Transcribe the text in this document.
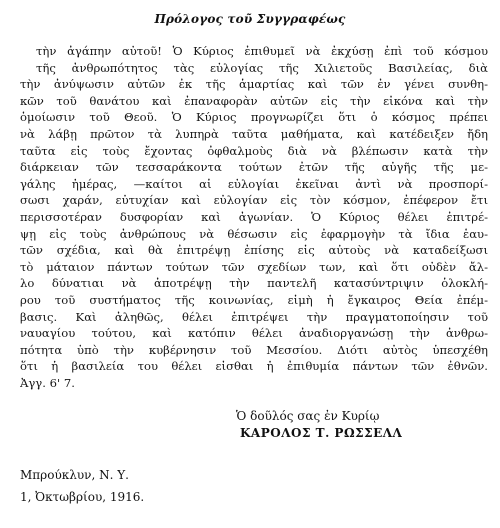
Πρόλογος τοῦ Συγγραφέως
τὴν ἀγάπην αὐτοῦ! Ὁ Κύριος ἐπιθυμεῖ νὰ ἐκχύσῃ ἐπὶ τοῦ κόσμου
τῆς ἀνθρωπότητος τὰς εὐλογίας τῆς Χιλιετοῦς Βασιλείας, διὰ
τὴν ἀνύψωσιν αὐτῶν ἐκ τῆς ἁμαρτίας καὶ τῶν ἐν γένει συνθη-
κῶν τοῦ θανάτου καὶ ἐπαναφορὰν αὐτῶν εἰς τὴν εἰκόνα καὶ τὴν
ὁμοίωσιν τοῦ Θεοῦ. Ὁ Κύριος προγνωρίζει ὅτι ὁ κόσμος πρέπει
νὰ λάβῃ πρῶτον τὰ λυπηρὰ ταῦτα μαθήματα, καὶ κατέδειξεν ἤδη
ταῦτα εἰς τοὺς ἔχοντας ὀφθαλμοὺς διὰ νὰ βλέπωσιν κατὰ τὴν
διάρκειαν τῶν τεσσαράκοντα τούτων ἐτῶν τῆς αὐγῆς τῆς με-
γάλης ἡμέρας, —καίτοι αἱ εὐλογίαι ἐκεῖναι ἀντὶ νὰ προσπορί-
σωσι χαράν, εὐτυχίαν καὶ εὐλογίαν εἰς τὸν κόσμον, ἐπέφερον ἔτι
περισσοτέραν δυσφορίαν καὶ ἀγωνίαν. Ὁ Κύριος θέλει ἐπιτρέ-
ψῃ εἰς τοὺς ἀνθρώπους νὰ θέσωσιν εἰς ἐφαρμογὴν τὰ ἴδια ἑαυ-
τῶν σχέδια, καὶ θὰ ἐπιτρέψῃ ἐπίσης εἰς αὐτοὺς νὰ καταδείξωσι
τὸ μάταιον πάντων τούτων τῶν σχεδίων των, καὶ ὅτι οὐδὲν ἄλ-
λο δύνατιαι νὰ ἀποτρέψῃ τὴν παντελῆ κατασύντριψιν ὁλοκλή-
ρου τοῦ συστήματος τῆς κοινωνίας, εἰμὴ ἡ ἔγκαιρος Θεία ἐπέμ-
βασις. Καὶ ἀληθῶς, θέλει ἐπιτρέψει τὴν πραγματοποίησιν τοῦ
ναυαγίου τούτου, καὶ κατόπιν θέλει ἀναδιοργανώσῃ τὴν ἀνθρω-
πότητα ὑπὸ τὴν κυβέρνησιν τοῦ Μεσσίου. Διότι αὐτὸς ὑπεσχέθη
ὅτι ἡ βασιλεία του θέλει εἰσθαι ἡ ἐπιθυμία πάντων τῶν ἐθνῶν.
Ἀγγ. 6' 7.
Ὁ δοῦλός σας ἐν Κυρίῳ
ΚΑΡΟΛΟΣ Τ. ΡΩΣΣΕΛΛ
Μπρούκλυν, Ν. Υ.
1, Ὀκτωβρίου, 1916.
